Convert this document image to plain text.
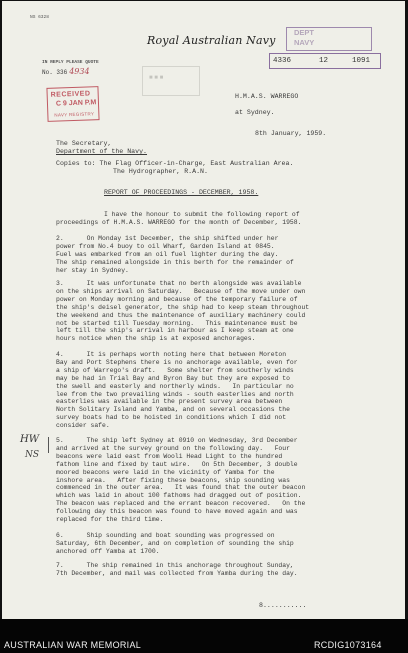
NS 6328
Royal Australian Navy
IN REPLY PLEASE QUOTE
No. 336 4934
■ ■ ■
RECEIVED
C 9 JAN P.M
NAVY REGISTRY
DEPT
NAVY
4336	12	1091
H.M.A.S. WARREGO
at Sydney.
8th January, 1959.
The Secretary,
Department of the Navy.
Copies to: The Flag Officer-in-Charge, East Australian Area.
The Hydrographer, R.A.N.
REPORT OF PROCEEDINGS - DECEMBER, 1958.
I have the honour to submit the following report of
proceedings of H.M.A.S. WARREGO for the month of December, 1958.
2.      On Monday 1st December, the ship shifted under her
power from No.4 buoy to oil Wharf, Garden Island at 0845.
Fuel was embarked from an oil fuel lighter during the day.
The ship remained alongside in this berth for the remainder of
her stay in Sydney.
3.      It was unfortunate that no berth alongside was available
on the ships arrival on Saturday.   Because of the move under own
power on Monday morning and because of the temporary failure of
the ship's deisel generator, the ship had to keep steam throughout
the weekend and thus the maintenance of auxiliary machinery could
not be started till Tuesday morning.   This maintenance must be
left till the ship's arrival in harbour as I keep steam at one
hours notice when the ship is at exposed anchorages.
4.      It is perhaps worth noting here that between Moreton
Bay and Port Stephens there is no anchorage available, even for
a ship of Warrego's draft.   Some shelter from southerly winds
may be had in Trial Bay and Byron Bay but they are exposed to
the swell and easterly and northerly winds.   In particular no
lee from the two prevailing winds - south easterlies and north
easterlies was available in the present survey area between
North Solitary Island and Yamba, and on several occasions the
survey boats had to be hoisted in conditions which I did not
consider safe.
5.      The ship left Sydney at 0910 on Wednesday, 3rd December
and arrived at the survey ground on the following day.   Four
beacons were laid east from Wooli Head Light to the hundred
fathom line and fixed by taut wire.   On 5th December, 3 double
moored beacons were laid in the vicinity of Yamba for the
inshore area.   After fixing these beacons, ship sounding was
commenced in the outer area.   It was found that the outer beacon
which was laid in about 100 fathoms had dragged out of position.
The beacon was replaced and the errant beacon recovered.   On the
following day this beacon was found to have moved again and was
replaced for the third time.
6.      Ship sounding and boat sounding was progressed on
Saturday, 6th December, and on completion of sounding the ship
anchored off Yamba at 1700.
7.      The ship remained in this anchorage throughout Sunday,
7th December, and mail was collected from Yamba during the day.
HW
NS
8...........
AUSTRALIAN WAR MEMORIAL	RCDIG1073164
